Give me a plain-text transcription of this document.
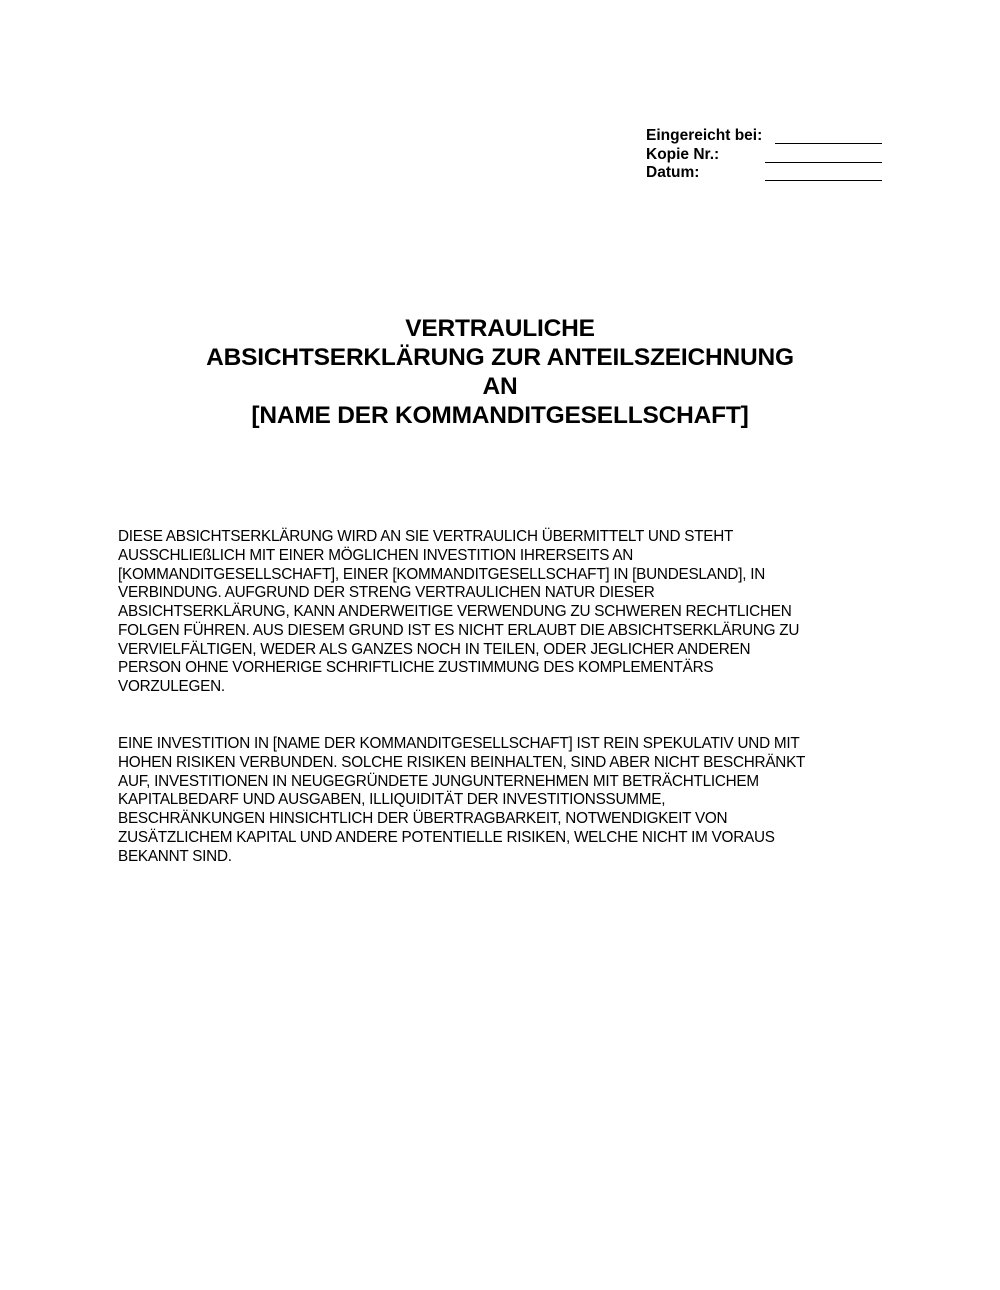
Eingereicht bei:
Kopie Nr.:
Datum:
VERTRAULICHE
ABSICHTSERKLÄRUNG ZUR ANTEILSZEICHNUNG
AN
[NAME DER KOMMANDITGESELLSCHAFT]
DIESE ABSICHTSERKLÄRUNG WIRD AN SIE VERTRAULICH ÜBERMITTELT UND STEHT
AUSSCHLIEßLICH MIT EINER MÖGLICHEN INVESTITION IHRERSEITS AN
[KOMMANDITGESELLSCHAFT], EINER [KOMMANDITGESELLSCHAFT] IN [BUNDESLAND], IN
VERBINDUNG. AUFGRUND DER STRENG VERTRAULICHEN NATUR DIESER
ABSICHTSERKLÄRUNG, KANN ANDERWEITIGE VERWENDUNG ZU SCHWEREN RECHTLICHEN
FOLGEN FÜHREN. AUS DIESEM GRUND IST ES NICHT ERLAUBT DIE ABSICHTSERKLÄRUNG ZU
VERVIELFÄLTIGEN, WEDER ALS GANZES NOCH IN TEILEN, ODER JEGLICHER ANDEREN
PERSON OHNE VORHERIGE SCHRIFTLICHE ZUSTIMMUNG DES KOMPLEMENTÄRS
VORZULEGEN.
EINE INVESTITION IN [NAME DER KOMMANDITGESELLSCHAFT] IST REIN SPEKULATIV UND MIT
HOHEN RISIKEN VERBUNDEN. SOLCHE RISIKEN BEINHALTEN, SIND ABER NICHT BESCHRÄNKT
AUF, INVESTITIONEN IN NEUGEGRÜNDETE JUNGUNTERNEHMEN MIT BETRÄCHTLICHEM
KAPITALBEDARF UND AUSGABEN, ILLIQUIDITÄT DER INVESTITIONSSUMME,
BESCHRÄNKUNGEN HINSICHTLICH DER ÜBERTRAGBARKEIT, NOTWENDIGKEIT VON
ZUSÄTZLICHEM KAPITAL UND ANDERE POTENTIELLE RISIKEN, WELCHE NICHT IM VORAUS
BEKANNT SIND.
